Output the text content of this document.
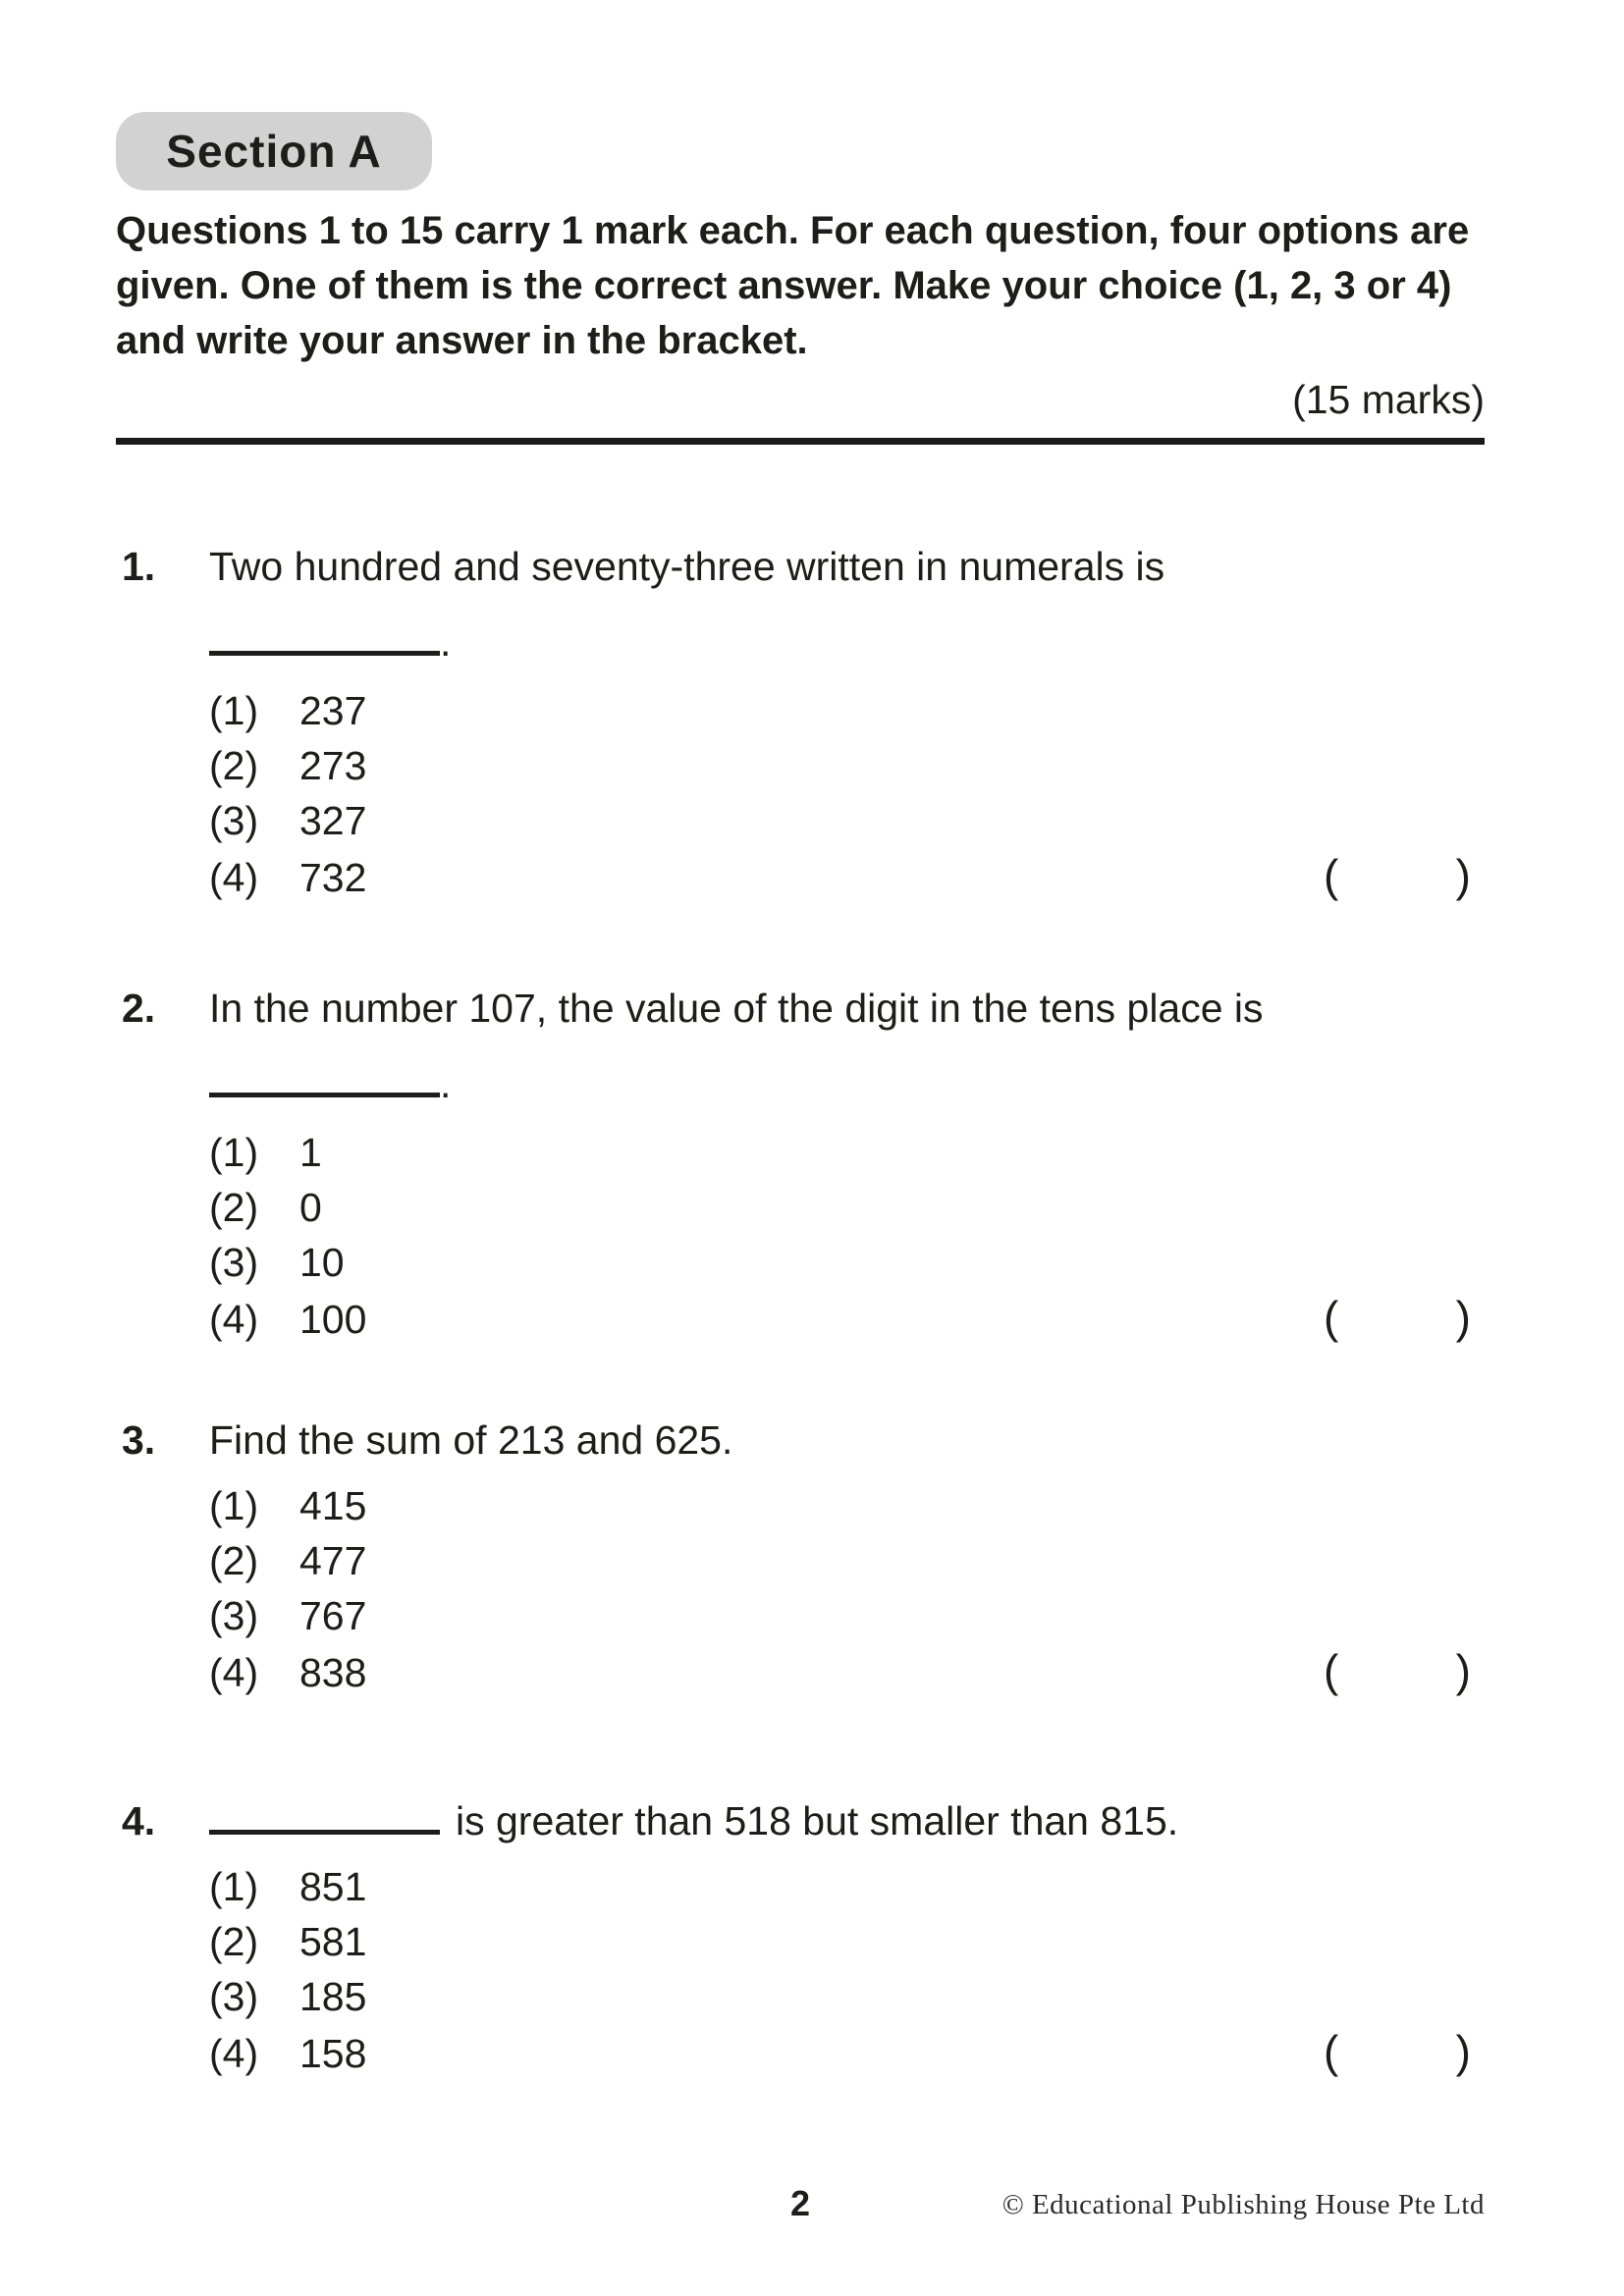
Section A

Questions 1 to 15 carry 1 mark each. For each question, four options are given. One of them is the correct answer. Make your choice (1, 2, 3 or 4) and write your answer in the bracket.

(15 marks)
1.	Two hundred and seventy-three written in numerals is
.
(1)	237
(2)	273
(3)	327
(4)	732	(	)
2.	In the number 107, the value of the digit in the tens place is
.
(1)	1
(2)	0
(3)	10
(4)	100	(	)
3.	Find the sum of 213 and 625.
(1)	415
(2)	477
(3)	767
(4)	838	(	)
4.	is greater than 518 but smaller than 815.
(1)	851
(2)	581
(3)	185
(4)	158	(	)
2	© Educational Publishing House Pte Ltd
